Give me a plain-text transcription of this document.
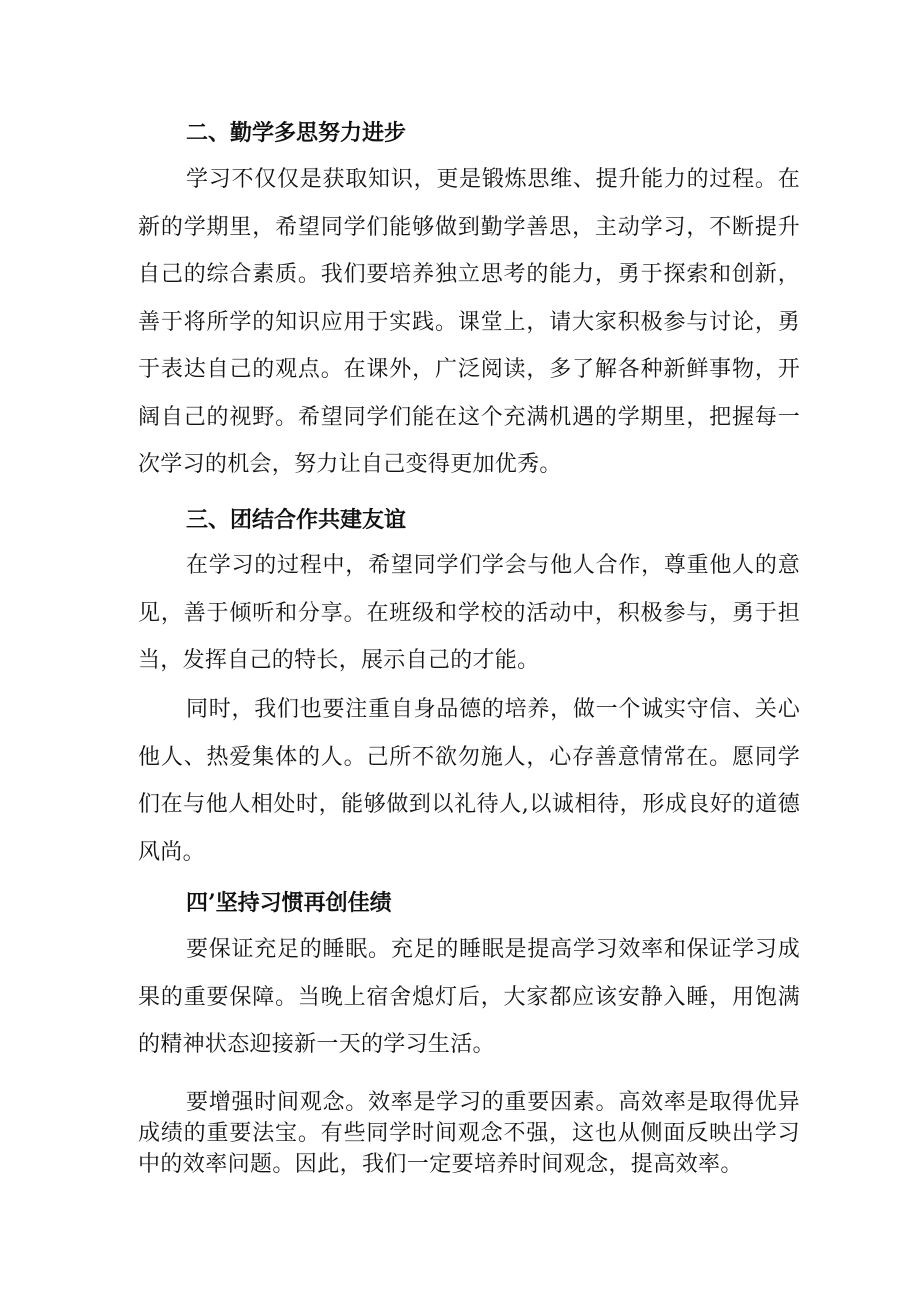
二、勤学多思努力进步
学习不仅仅是获取知识，更是锻炼思维、提升能力的过程。在新的学期里，希望同学们能够做到勤学善思，主动学习，不断提升自己的综合素质。我们要培养独立思考的能力，勇于探索和创新，善于将所学的知识应用于实践。课堂上，请大家积极参与讨论，勇于表达自己的观点。在课外，广泛阅读，多了解各种新鲜事物，开阔自己的视野。希望同学们能在这个充满机遇的学期里，把握每一次学习的机会，努力让自己变得更加优秀。
三、团结合作共建友谊
在学习的过程中，希望同学们学会与他人合作，尊重他人的意见，善于倾听和分享。在班级和学校的活动中，积极参与，勇于担当，发挥自己的特长，展示自己的才能。
同时，我们也要注重自身品德的培养，做一个诚实守信、关心他人、热爱集体的人。己所不欲勿施人，心存善意情常在。愿同学们在与他人相处时，能够做到以礼待人,以诚相待，形成良好的道德风尚。
四’坚持习惯再创佳绩
要保证充足的睡眠。充足的睡眠是提高学习效率和保证学习成果的重要保障。当晚上宿舍熄灯后，大家都应该安静入睡，用饱满的精神状态迎接新一天的学习生活。
要增强时间观念。效率是学习的重要因素。高效率是取得优异成绩的重要法宝。有些同学时间观念不强，这也从侧面反映出学习中的效率问题。因此，我们一定要培养时间观念，提高效率。
